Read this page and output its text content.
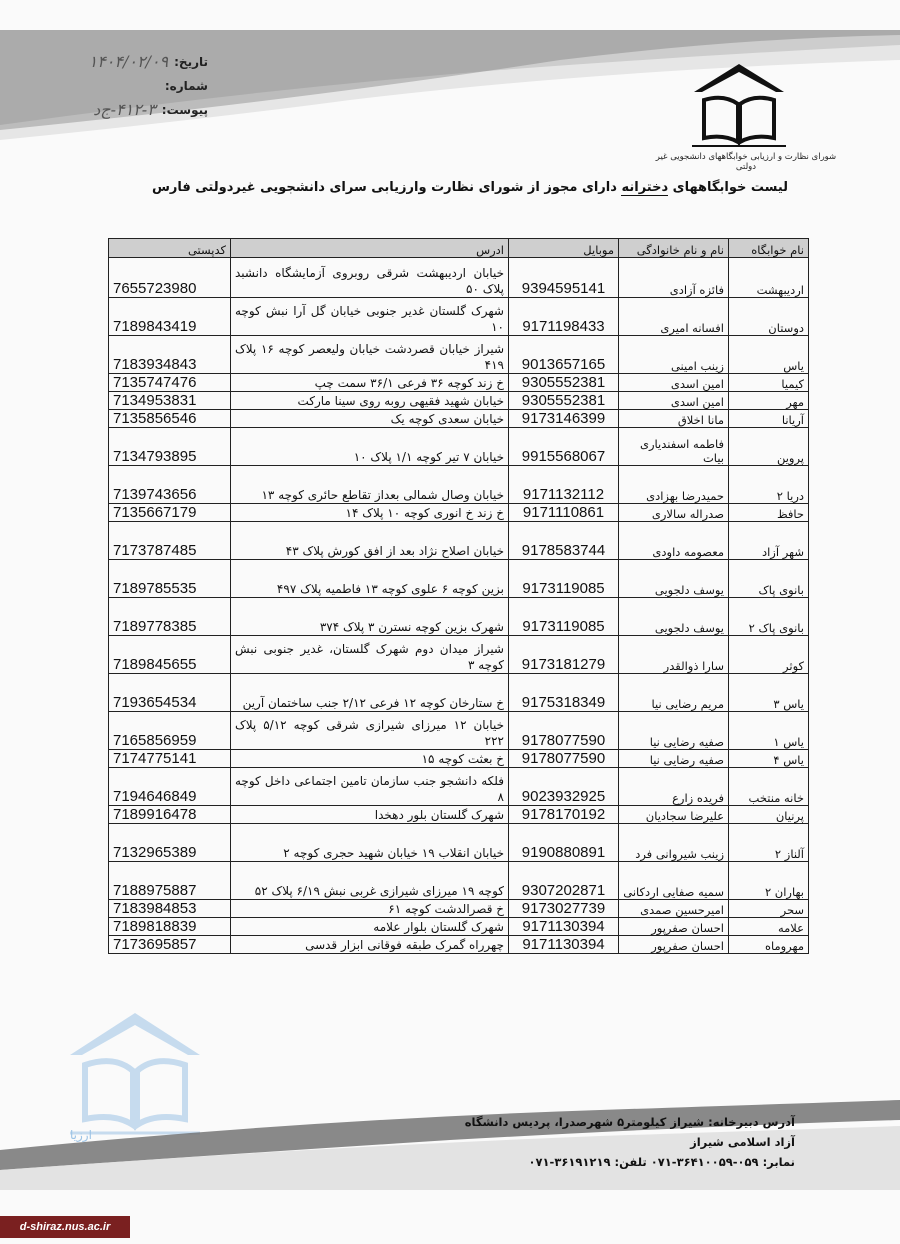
تاریخ:
۱۴۰۴/۰۲/۰۹
شماره:
پیوست:
۴۱۲-۳-ج‌د
شورای نظارت و ارزیابی خوابگاههای دانشجویی غیر دولتی
لیست خوابگاههای دخترانه دارای مجوز از شورای نظارت وارزیابی سرای دانشجویی غیردولتی فارس
نام خوابگاه	نام و نام خانوادگی	موبایل	ادرس	کدپستی
اردیبهشت	فائزه آزادی	9394595141	خیابان اردیبهشت شرقی روبروی آزمایشگاه دانشبد پلاک ۵۰	7655723980
دوستان	افسانه امیری	9171198433	شهرک گلستان غدیر جنوبی خیابان گل آرا نبش کوچه ۱۰	7189843419
یاس	زینب امینی	9013657165	شیراز خیابان قصردشت خیابان ولیعصر کوچه ۱۶ پلاک ۴۱۹	7183934843
کیمیا	امین اسدی	9305552381	خ زند کوچه ۳۶ فرعی ۳۶/۱ سمت چپ	7135747476
مهر	امین اسدی	9305552381	خیابان شهید فقیهی روبه روی سینا مارکت	7134953831
آریانا	مانا اخلاق	9173146399	خیابان سعدی کوچه یک	7135856546
پروین	فاطمه اسفندیاری بیات	9915568067	خیابان ۷ تیر کوچه ۱/۱ پلاک ۱۰	7134793895
دریا ۲	حمیدرضا بهزادی	9171132112	خیابان وصال شمالی بعداز تقاطع حائری کوچه ۱۳	7139743656
حافظ	صدراله سالاری	9171110861	خ زند خ انوری کوچه ۱۰ پلاک ۱۴	7135667179
شهر آزاد	معصومه داودی	9178583744	خیابان اصلاح نژاد بعد از افق کورش پلاک ۴۳	7173787485
بانوی پاک	یوسف دلجویی	9173119085	بزین کوچه ۶ علوی کوچه ۱۳ فاطمیه پلاک ۴۹۷	7189785535
بانوی پاک ۲	یوسف دلجویی	9173119085	شهرک بزین کوچه نسترن ۳ پلاک ۳۷۴	7189778385
کوثر	سارا ذوالقدر	9173181279	شیراز میدان دوم شهرک گلستان، غدیر جنوبی نبش کوچه ۳	7189845655
یاس ۳	مریم رضایی نیا	9175318349	خ ستارخان کوچه ۱۲ فرعی ۲/۱۲ جنب ساختمان آرین	7193654534
یاس ۱	صفیه رضایی نیا	9178077590	خیابان ۱۲ میرزای شیرازی شرقی کوچه ۵/۱۲ پلاک ۲۲۲	7165856959
یاس ۴	صفیه رضایی نیا	9178077590	خ بعثت کوچه ۱۵	7174775141
خانه منتخب	فریده زارع	9023932925	فلکه دانشجو جنب سازمان تامین اجتماعی داخل کوچه ۸	7194646849
پرنیان	علیرضا سجادیان	9178170192	شهرک گلستان بلور دهخدا	7189916478
آلناز ۲	زینب شیروانی فرد	9190880891	خیابان انقلاب ۱۹ خیابان شهید حجری کوچه ۲	7132965389
بهاران ۲	سمیه صفایی اردکانی	9307202871	کوچه ۱۹ میرزای شیرازی غربی نبش ۶/۱۹ پلاک ۵۲	7188975887
سحر	امیرحسین صمدی	9173027739	خ قصرالدشت کوچه ۶۱	7183984853
علامه	احسان صفرپور	9171130394	شهرک گلستان بلوار علامه	7189818839
مهروماه	احسان صفرپور	9171130394	چهرراه گمرک طبقه فوقانی ابزار قدسی	7173695857
آدرس دبیرخانه: شیراز کیلومتر۵ شهرصدرا، پردیس دانشگاه آزاد اسلامی شیراز
نمابر: ۰۵۹-۳۶۴۱۰۰۵۹-۰۷۱ تلفن: ۳۶۱۹۱۲۱۹-۰۷۱
ارزیا
d-shiraz.nus.ac.ir
